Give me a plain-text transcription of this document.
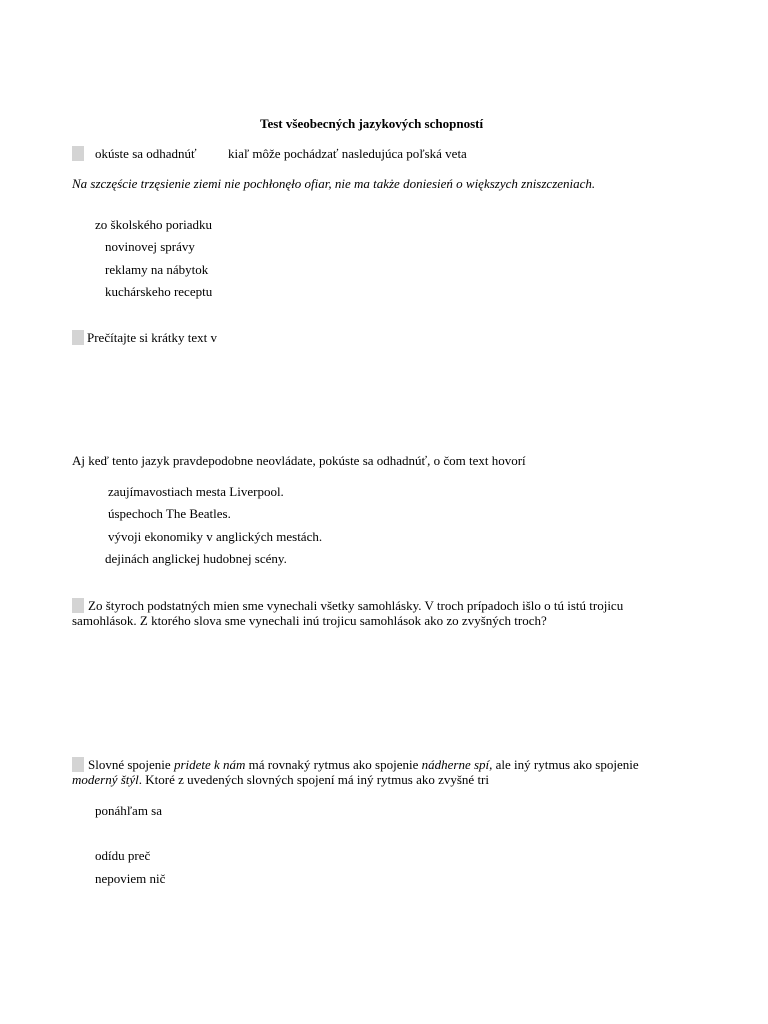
Test všeobecných jazykových schopností
okúste sa odhadnúť kiaľ môže pochádzať nasledujúca poľská veta
Na szczęście trzęsienie ziemi nie pochłonęło ofiar, nie ma także doniesień o większych zniszczeniach.
zo školského poriadku
novinovej správy
reklamy na nábytok
kuchárskeho receptu
Prečítajte si krátky text v
Aj keď tento jazyk pravdepodobne neovládate, pokúste sa odhadnúť, o čom text hovorí
zaujímavostiach mesta Liverpool.
úspechoch The Beatles.
vývoji ekonomiky v anglických mestách.
dejinách anglickej hudobnej scény.
Zo štyroch podstatných mien sme vynechali všetky samohlásky. V troch prípadoch išlo o tú istú trojicu
samohlások. Z ktorého slova sme vynechali inú trojicu samohlások ako zo zvyšných troch?
Slovné spojenie pridete k nám má rovnaký rytmus ako spojenie nádherne spí, ale iný rytmus ako spojenie
moderný štýl. Ktoré z uvedených slovných spojení má iný rytmus ako zvyšné tri
ponáhľam sa
odídu preč
nepoviem nič
